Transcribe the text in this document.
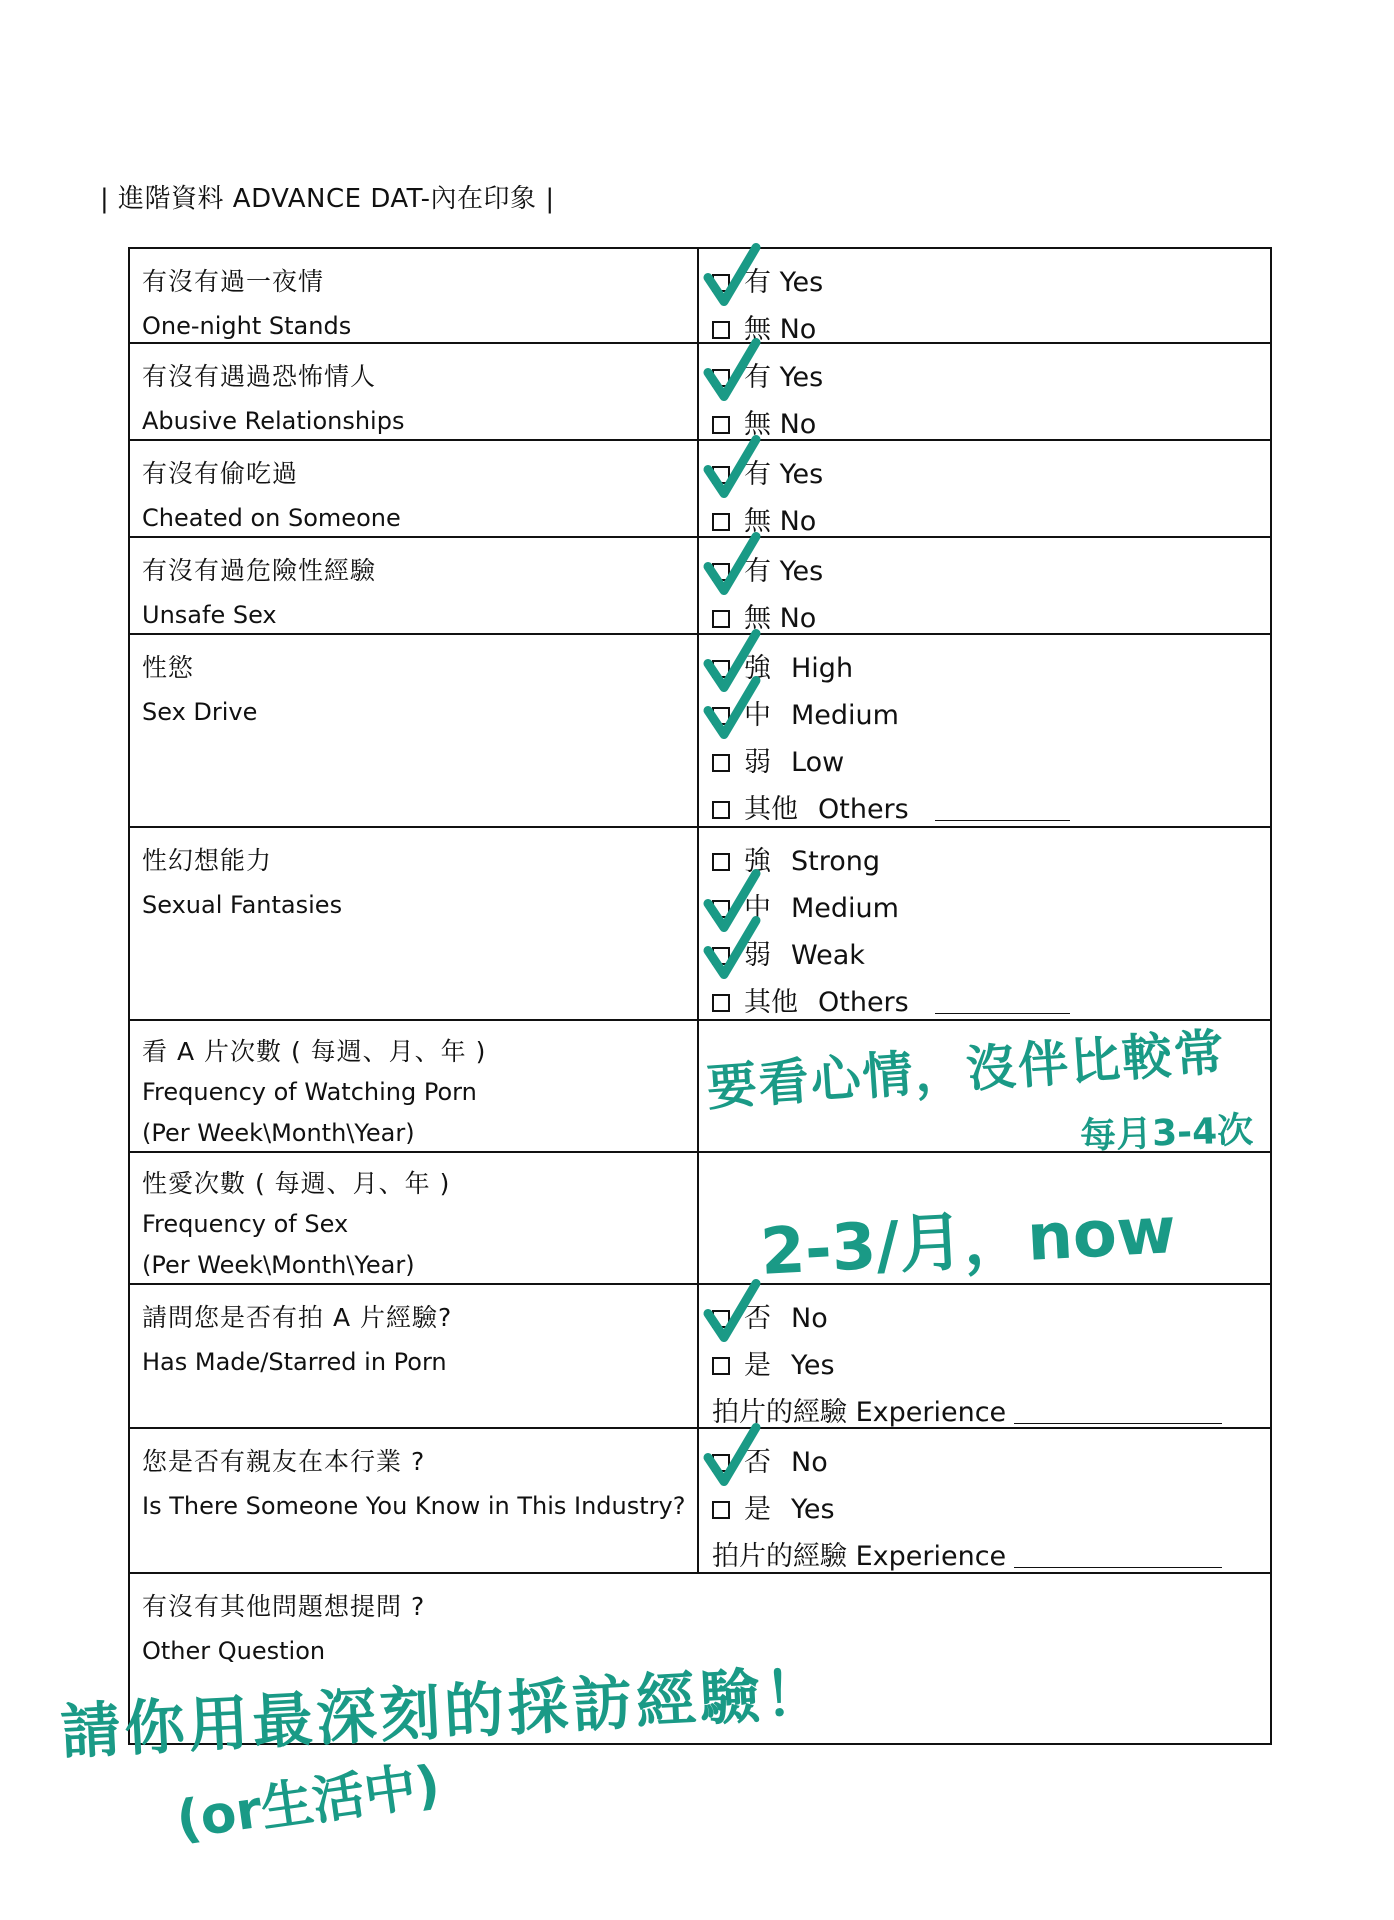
| 進階資料 ADVANCE DAT-內在印象 |
有沒有過一夜情
One-night Stands
有
Yes
無
No
有沒有遇過恐怖情人
Abusive Relationships
有
Yes
無
No
有沒有偷吃過
Cheated on Someone
有
Yes
無
No
有沒有過危險性經驗
Unsafe Sex
有
Yes
無
No
性慾
Sex Drive
強 High
中 Medium
弱 Low
其他 Others
性幻想能力
Sexual Fantasies
強 Strong
中 Medium
弱 Weak
其他 Others
看 A 片次數 ( 每週、月、年 )
Frequency of Watching Porn
(Per Week\Month\Year)
性愛次數 ( 每週、月、年 )
Frequency of Sex
(Per Week\Month\Year)
請問您是否有拍 A 片經驗?
Has Made/Starred in Porn
否 No
是 Yes
拍片的經驗 Experience
您是否有親友在本行業 ?
Is There Someone You Know in This Industry?
否 No
是 Yes
拍片的經驗 Experience
有沒有其他問題想提問 ?
Other Question
要看心情，沒伴比較常
每月3-4次
2-3/月，now
請你用最深刻的採訪經驗！
(or生活中)
